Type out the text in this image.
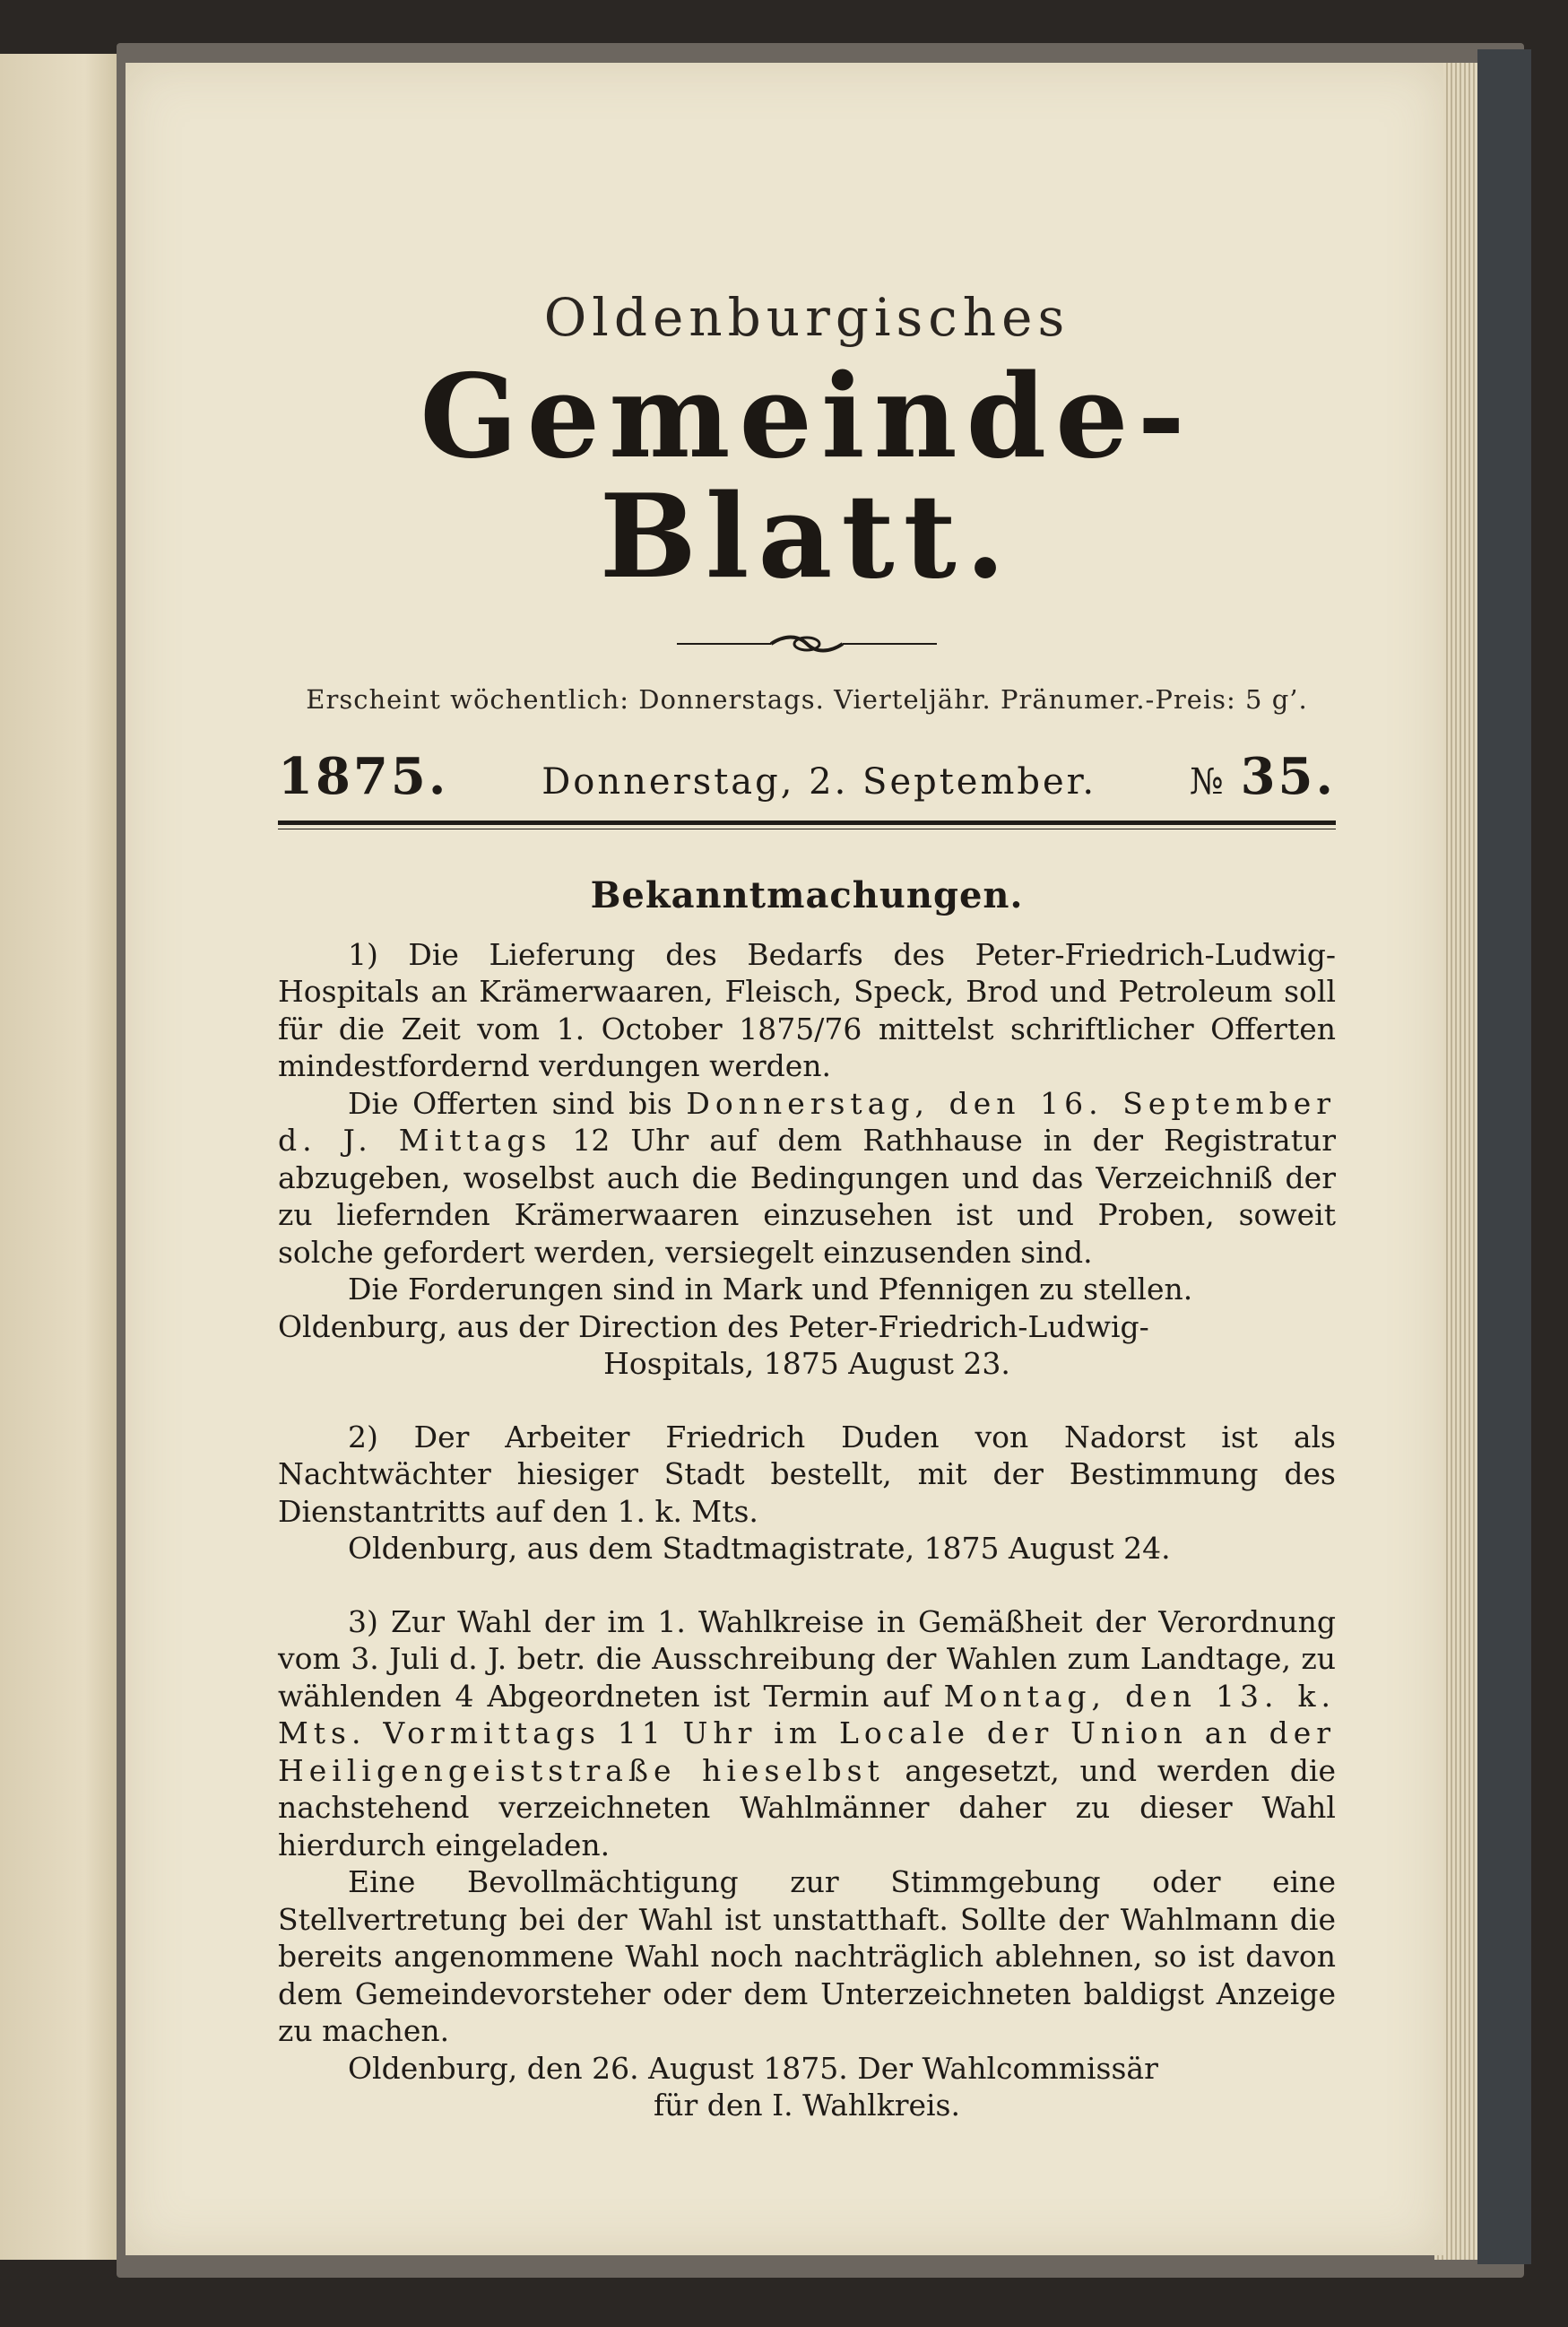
Oldenburgisches
Gemeinde-Blatt.
Erscheint wöchentlich: Donnerstags. Vierteljähr. Pränumer.-Preis: 5 g’.
1875.	Donnerstag, 2. September.	№ 35.
Bekanntmachungen.

1) Die Lieferung des Bedarfs des Peter-Friedrich-Ludwig-Hospitals an Krämerwaaren, Fleisch, Speck, Brod und Petroleum soll für die Zeit vom 1. October 1875/76 mittelst schriftlicher Offerten mindestfordernd verdungen werden.

Die Offerten sind bis Donnerstag, den 16. September d. J. Mittags 12 Uhr auf dem Rathhause in der Registratur abzugeben, woselbst auch die Bedingungen und das Verzeichniß der zu liefernden Krämerwaaren einzusehen ist und Proben, soweit solche gefordert werden, versiegelt einzusenden sind.

Die Forderungen sind in Mark und Pfennigen zu stellen.

Oldenburg, aus der Direction des Peter-Friedrich-Ludwig-

Hospitals, 1875 August 23.

2) Der Arbeiter Friedrich Duden von Nadorst ist als Nachtwächter hiesiger Stadt bestellt, mit der Bestimmung des Dienstantritts auf den 1. k. Mts.

Oldenburg, aus dem Stadtmagistrate, 1875 August 24.

3) Zur Wahl der im 1. Wahlkreise in Gemäßheit der Verordnung vom 3. Juli d. J. betr. die Ausschreibung der Wahlen zum Landtage, zu wählenden 4 Abgeordneten ist Termin auf Montag, den 13. k. Mts. Vormittags 11 Uhr im Locale der Union an der Heiligengeiststraße hieselbst angesetzt, und werden die nachstehend verzeichneten Wahlmänner daher zu dieser Wahl hierdurch eingeladen.

Eine Bevollmächtigung zur Stimmgebung oder eine Stellvertretung bei der Wahl ist unstatthaft. Sollte der Wahlmann die bereits angenommene Wahl noch nachträglich ablehnen, so ist davon dem Gemeindevorsteher oder dem Unterzeichneten baldigst Anzeige zu machen.

Oldenburg, den 26. August 1875. Der Wahlcommissär

für den I. Wahlkreis.
